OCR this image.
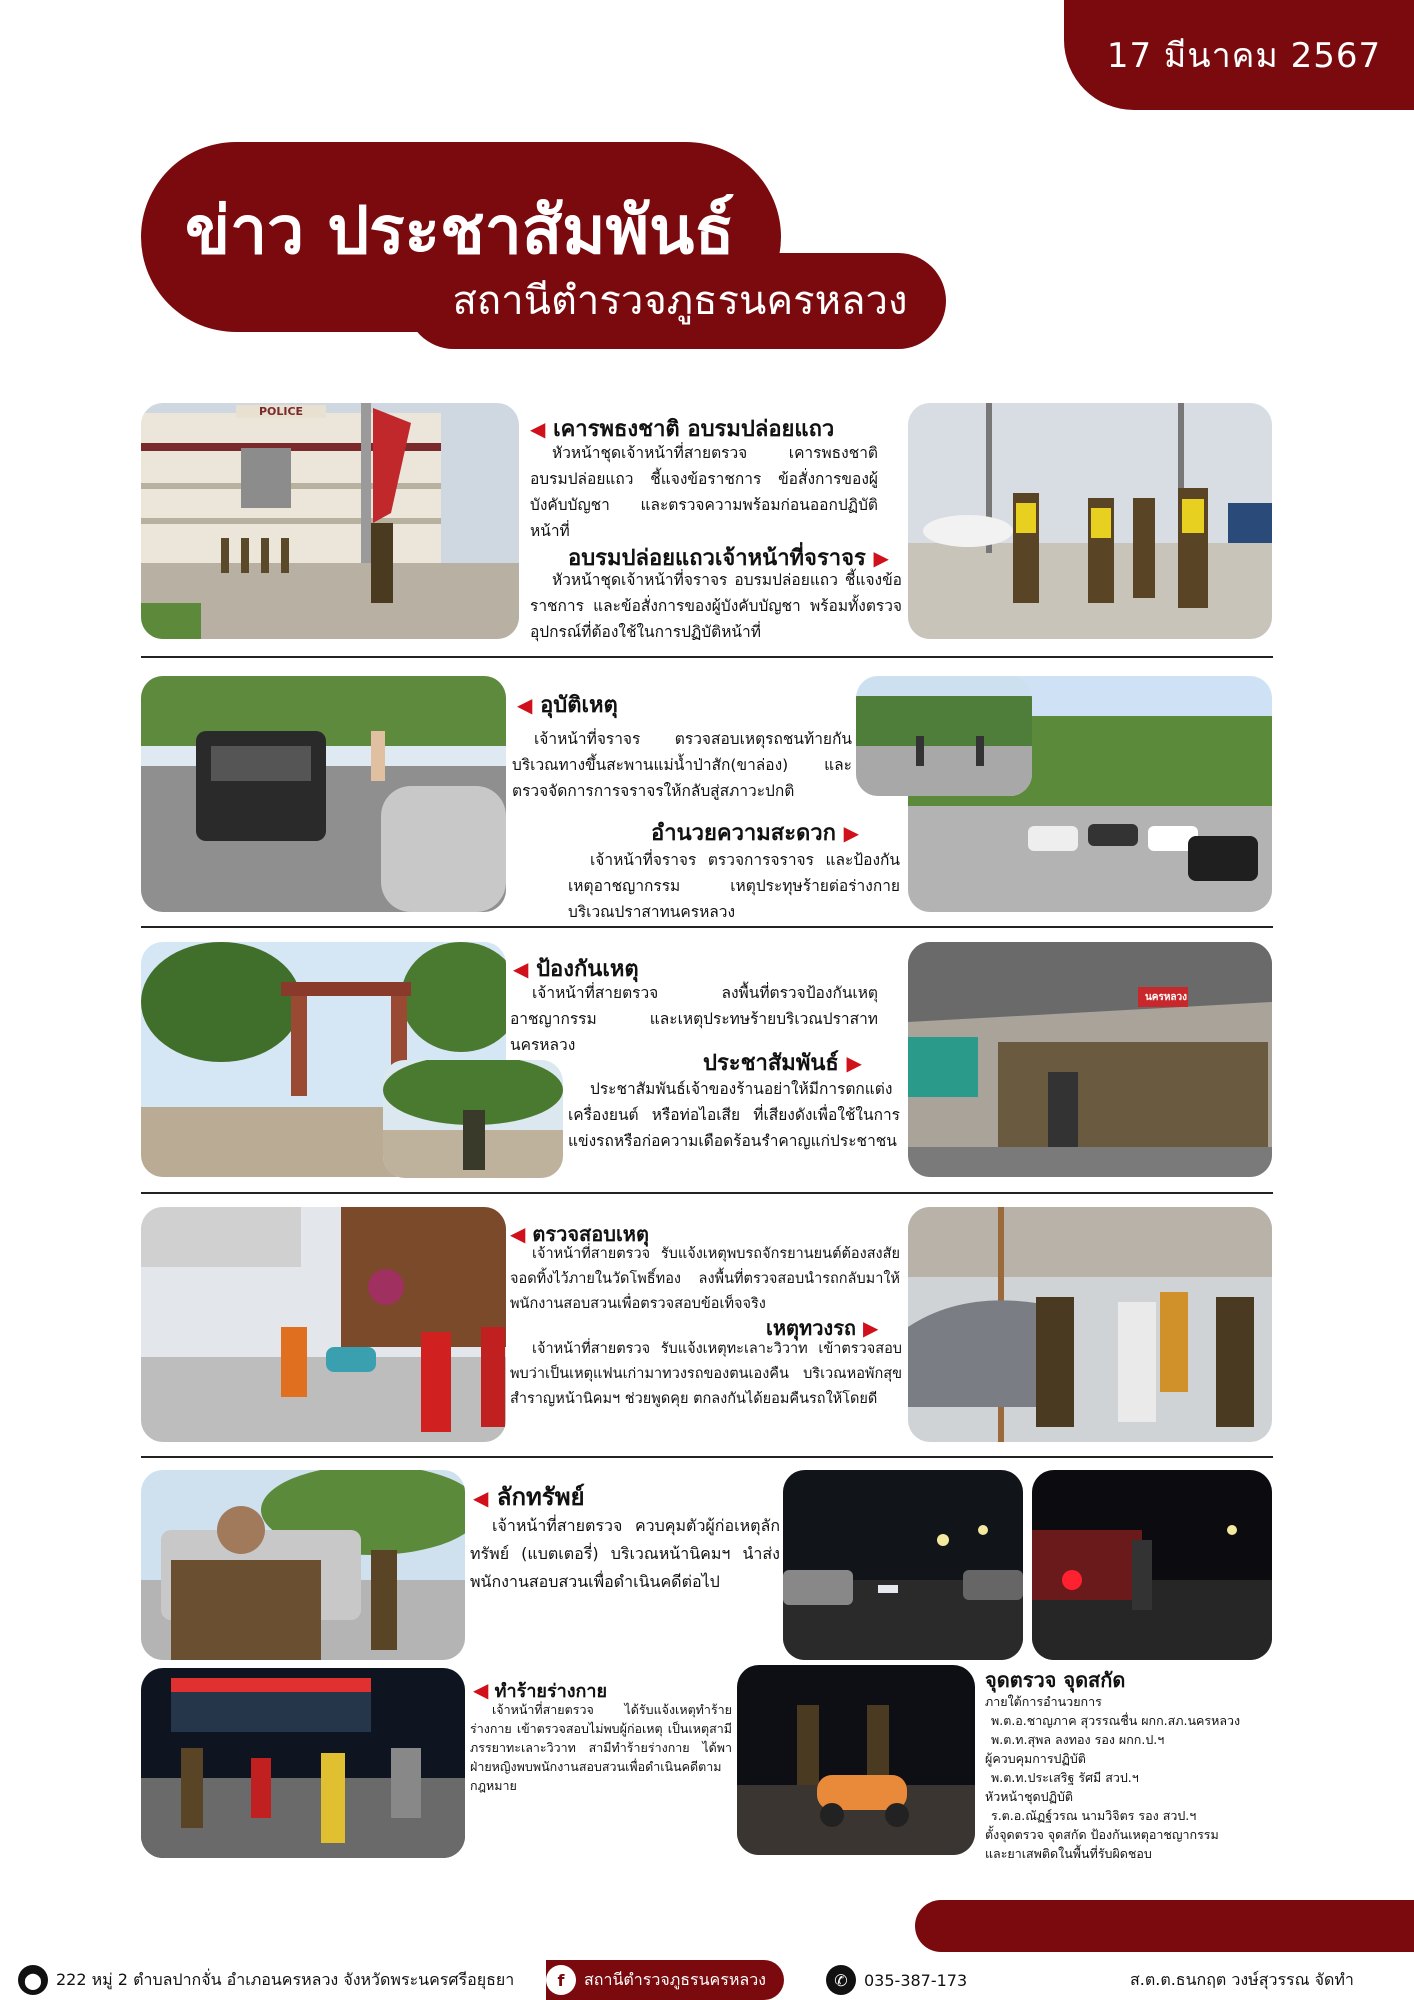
17 มีนาคม 2567
ข่าว ประชาสัมพันธ์
สถานีตำรวจภูธรนครหลวง
POLICE
◀ เคารพธงชาติ อบรมปล่อยแถว
หัวหน้าชุดเจ้าหน้าที่สายตรวจ เคารพธงชาติ อบรมปล่อยแถว ชี้แจงข้อราชการ ข้อสั่งการของผู้บังคับบัญชา และตรวจความพร้อมก่อนออกปฏิบัติหน้าที่
อบรมปล่อยแถวเจ้าหน้าที่จราจร ▶
หัวหน้าชุดเจ้าหน้าที่จราจร อบรมปล่อยแถว ชี้แจงข้อราชการ และข้อสั่งการของผู้บังคับบัญชา พร้อมทั้งตรวจอุปกรณ์ที่ต้องใช้ในการปฏิบัติหน้าที่
◀ อุบัติเหตุ
เจ้าหน้าที่จราจร ตรวจสอบเหตุรถชนท้ายกัน บริเวณทางขึ้นสะพานแม่น้ำป่าสัก(ขาล่อง) และ ตรวจจัดการการจราจรให้กลับสู่สภาวะปกติ
อำนวยความสะดวก ▶
เจ้าหน้าที่จราจร ตรวจการจราจร และป้องกันเหตุอาชญากรรม เหตุประทุษร้ายต่อร่างกาย บริเวณปราสาทนครหลวง
◀ ป้องกันเหตุ
เจ้าหน้าที่สายตรวจ ลงพื้นที่ตรวจป้องกันเหตุอาชญากรรม และเหตุประทษร้ายบริเวณปราสาทนครหลวง
ประชาสัมพันธ์ ▶
ประชาสัมพันธ์เจ้าของร้านอย่าให้มีการตกแต่ง เครื่องยนต์ หรือท่อไอเสีย ที่เสียงดังเพื่อใช้ในการแข่งรถหรือก่อความเดือดร้อนรำคาญแก่ประชาชน
นครหลวง
◀ ตรวจสอบเหตุ
เจ้าหน้าที่สายตรวจ รับแจ้งเหตุพบรถจักรยานยนต์ต้องสงสัยจอดทิ้งไว้ภายในวัดโพธิ์ทอง ลงพื้นที่ตรวจสอบนำรถกลับมาให้พนักงานสอบสวนเพื่อตรวจสอบข้อเท็จจริง
เหตุทวงรถ ▶
เจ้าหน้าที่สายตรวจ รับแจ้งเหตุทะเลาะวิวาท เข้าตรวจสอบพบว่าเป็นเหตุแฟนเก่ามาทวงรถของตนเองคืน บริเวณหอพักสุขสำราญหน้านิคมฯ ช่วยพูดคุย ตกลงกันได้ยอมคืนรถให้โดยดี
◀ ลักทรัพย์
เจ้าหน้าที่สายตรวจ ควบคุมตัวผู้ก่อเหตุลักทรัพย์ (แบตเตอรี่) บริเวณหน้านิคมฯ นำส่งพนักงานสอบสวนเพื่อดำเนินคดีต่อไป
◀ ทำร้ายร่างกาย
เจ้าหน้าที่สายตรวจ ได้รับแจ้งเหตุทำร้ายร่างกาย เข้าตรวจสอบไม่พบผู้ก่อเหตุ เป็นเหตุสามีภรรยาทะเลาะวิวาท สามีทำร้ายร่างกาย ได้พาฝ่ายหญิงพบพนักงานสอบสวนเพื่อดำเนินคดีตามกฎหมาย
จุดตรวจ จุดสกัด
ภายใต้การอำนวยการ
พ.ต.อ.ชาญภาค สุวรรณชื่น ผกก.สภ.นครหลวง
พ.ต.ท.สุพล ลงทอง รอง ผกก.ป.ฯ
ผู้ควบคุมการปฏิบัติ
พ.ต.ท.ประเสริฐ รัศมี สวป.ฯ
หัวหน้าชุดปฏิบัติ
ร.ต.อ.ณัฏฐ์วรณ นามวิจิตร รอง สวป.ฯ
ตั้งจุดตรวจ จุดสกัด ป้องกันเหตุอาชญากรรม
และยาเสพติดในพื้นที่รับผิดชอบ
⬤ 222 หมู่ 2 ตำบลปากจั่น อำเภอนครหลวง จังหวัดพระนครศรีอยุธยา	f	สถานีตำรวจภูธรนครหลวง	✆	035-387-173	ส.ต.ต.ธนกฤต วงษ์สุวรรณ จัดทำ
